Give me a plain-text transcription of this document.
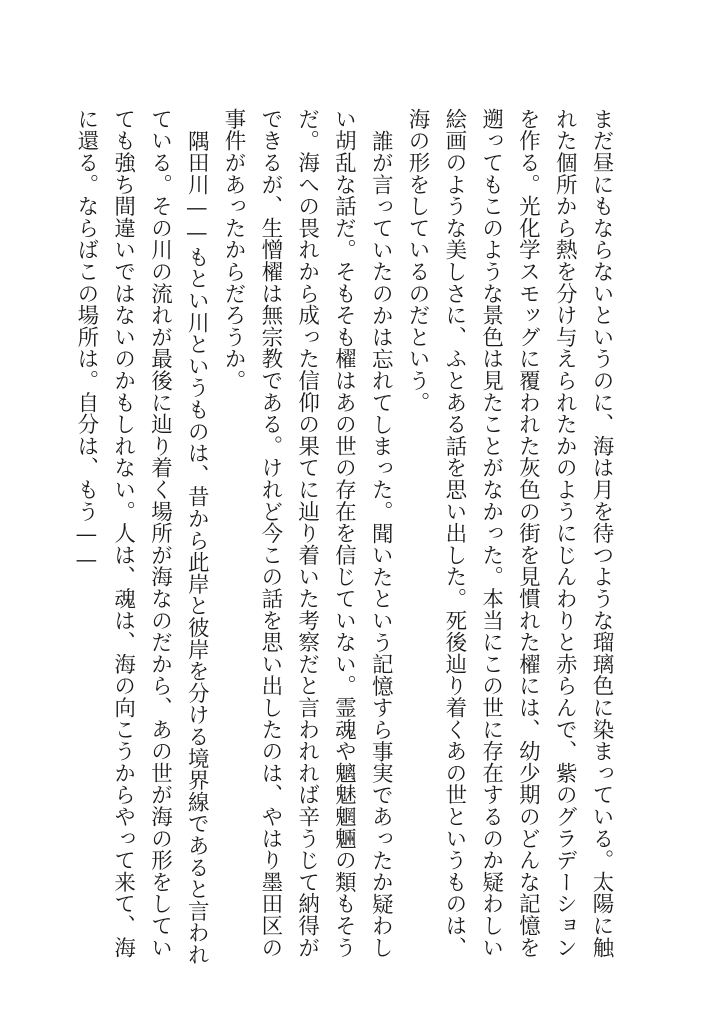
まだ昼にもならないというのに、海は月を待つような瑠璃色に染まっている。太陽に触れた個所から熱を分け与えられたかのようにじんわりと赤らんで、紫のグラデーションを作る。光化学スモッグに覆われた灰色の街を見慣れた櫂には、幼少期のどんな記憶を遡ってもこのような景色は見たことがなかった。本当にこの世に存在するのか疑わしい絵画のような美しさに、ふとある話を思い出した。死後辿り着くあの世というものは、海の形をしているのだという。

誰が言っていたのかは忘れてしまった。聞いたという記憶すら事実であったか疑わしい胡乱な話だ。そもそも櫂はあの世の存在を信じていない。霊魂や魑魅魍魎の類もそうだ。海への畏れから成った信仰の果てに辿り着いた考察だと言われれば辛うじて納得ができるが、生憎櫂は無宗教である。けれど今この話を思い出したのは、やはり墨田区の事件があったからだろうか。

隅田川——もとい川というものは、昔から此岸と彼岸を分ける境界線であると言われている。その川の流れが最後に辿り着く場所が海なのだから、あの世が海の形をしていても強ち間違いではないのかもしれない。人は、魂は、海の向こうからやって来て、海に還る。ならばこの場所は。自分は、もう——
